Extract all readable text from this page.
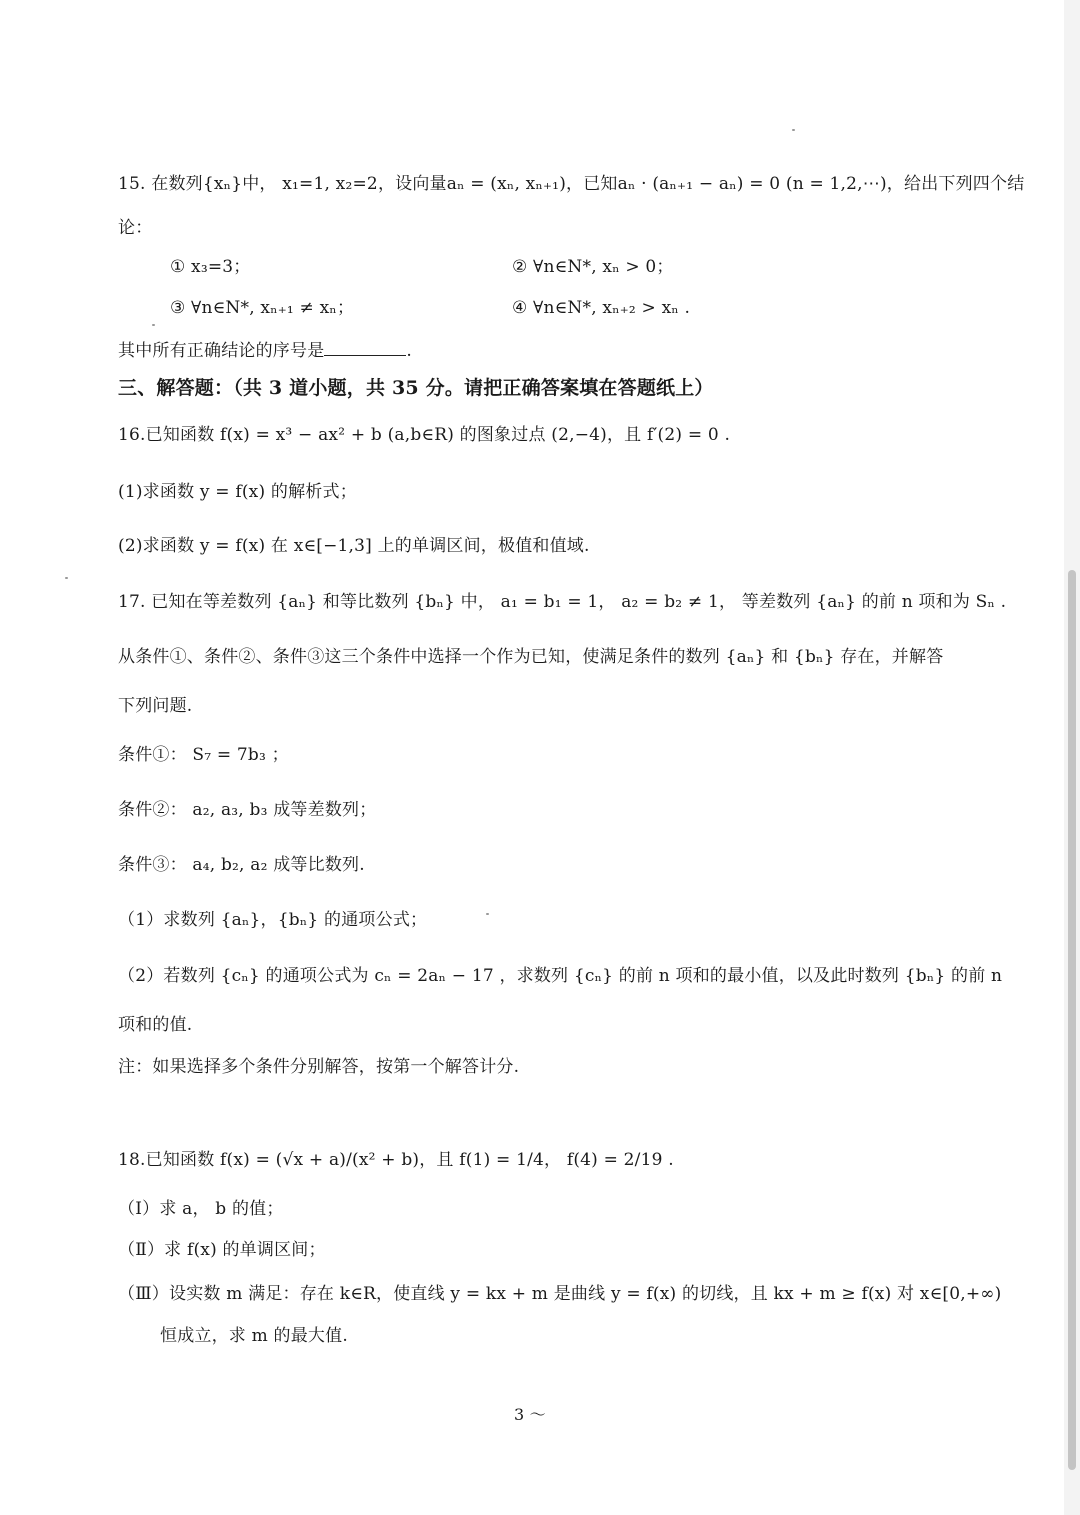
15. 在数列{xₙ}中， x₁=1, x₂=2，设向量aₙ = (xₙ, xₙ₊₁)，已知aₙ · (aₙ₊₁ − aₙ) = 0 (n = 1,2,⋯)，给出下列四个结
论：
① x₃=3；	② ∀n∈N*, xₙ > 0；
③ ∀n∈N*, xₙ₊₁ ≠ xₙ；	④ ∀n∈N*, xₙ₊₂ > xₙ .
其中所有正确结论的序号是	.
三、解答题：（共 3 道小题，共 35 分。请把正确答案填在答题纸上）
16.已知函数 f(x) = x³ − ax² + b (a,b∈R) 的图象过点 (2,−4)，且 f′(2) = 0 .
(1)求函数 y = f(x) 的解析式；
(2)求函数 y = f(x) 在 x∈[−1,3] 上的单调区间，极值和值域.
17. 已知在等差数列 {aₙ} 和等比数列 {bₙ} 中， a₁ = b₁ = 1， a₂ = b₂ ≠ 1， 等差数列 {aₙ} 的前 n 项和为 Sₙ .
从条件①、条件②、条件③这三个条件中选择一个作为已知，使满足条件的数列 {aₙ} 和 {bₙ} 存在，并解答
下列问题.
条件①： S₇ = 7b₃ ；
条件②： a₂, a₃, b₃ 成等差数列；
条件③： a₄, b₂, a₂ 成等比数列.
（1）求数列 {aₙ}，{bₙ} 的通项公式；
（2）若数列 {cₙ} 的通项公式为 cₙ = 2aₙ − 17 ，求数列 {cₙ} 的前 n 项和的最小值，以及此时数列 {bₙ} 的前 n
项和的值.
注：如果选择多个条件分别解答，按第一个解答计分.
18.已知函数 f(x) = (√x + a)/(x² + b)，且 f(1) = 1/4， f(4) = 2/19 .
（Ⅰ）求 a， b 的值；
（Ⅱ）求 f(x) 的单调区间；
（Ⅲ）设实数 m 满足：存在 k∈R，使直线 y = kx + m 是曲线 y = f(x) 的切线，且 kx + m ≥ f(x) 对 x∈[0,+∞)
恒成立，求 m 的最大值.
3 ～
